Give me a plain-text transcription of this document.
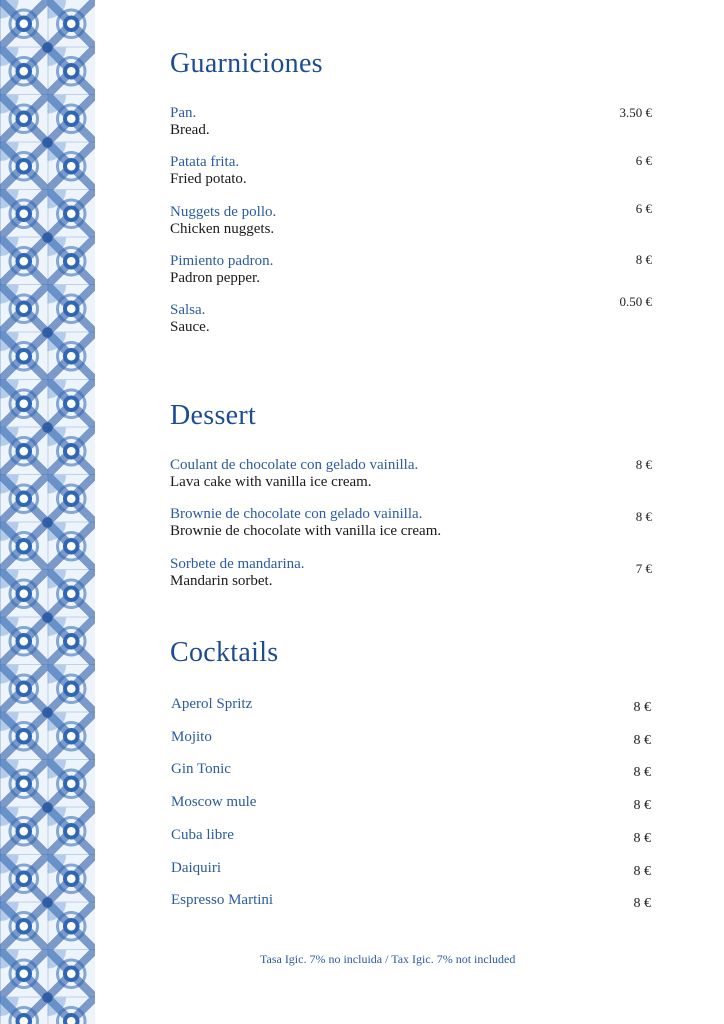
Guarniciones
Pan.
Bread.
3.50 €
Patata frita.
Fried potato.
6 €
Nuggets de pollo.
Chicken nuggets.
6 €
Pimiento padron.
Padron pepper.
8 €
Salsa.
Sauce.
0.50 €
Dessert
Coulant de chocolate con gelado vainilla.
Lava cake with vanilla ice cream.
8 €
Brownie de chocolate con gelado vainilla.
Brownie de chocolate with vanilla ice cream.
8 €
Sorbete de mandarina.
Mandarin sorbet.
7 €
Cocktails
Aperol Spritz	8 €
Mojito	8 €
Gin Tonic	8 €
Moscow mule	8 €
Cuba libre	8 €
Daiquiri	8 €
Espresso Martini	8 €
Tasa Igic. 7% no incluida / Tax Igic. 7% not included
